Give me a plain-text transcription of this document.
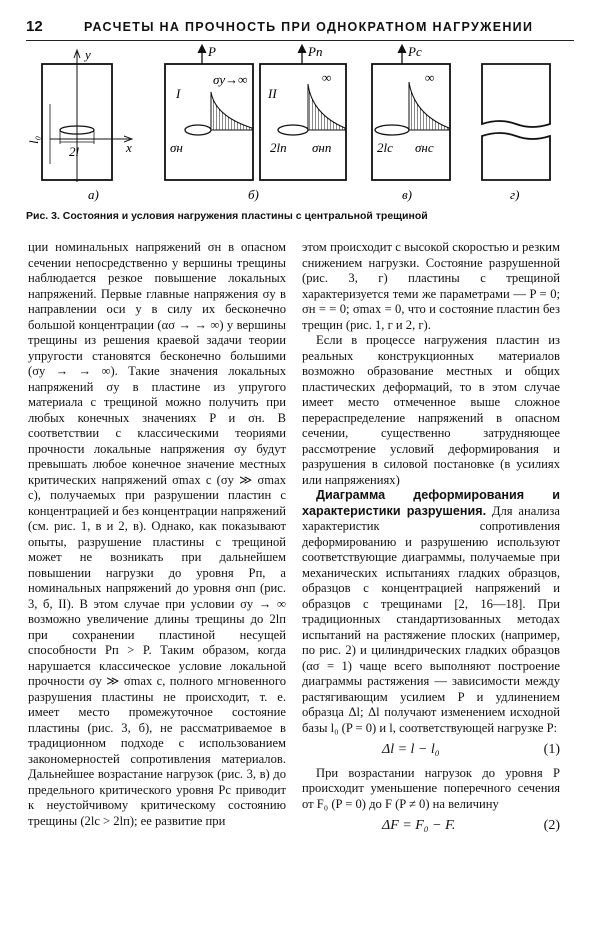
12	РАСЧЕТЫ НА ПРОЧНОСТЬ ПРИ ОДНОКРАТНОМ НАГРУЖЕНИИ
y
x
l₀
2l
а)
P	Pп
I	II
σy→∞	∞
σн	2lп σнп
б)
Pc
∞
2lc σнc
в)	г)
Рис. 3. Состояния и условия нагружения пластины с центральной трещиной

ции номинальных напряжений σн в опасном сечении непосредственно у вершины трещины наблюдается резкое повышение локальных напряжений. Первые главные напряжения σy в направлении оси y в силу их бесконечно большой концентрации (ασ → → ∞) у вершины трещины из решения краевой задачи теории упругости становятся бесконечно большими (σy → → ∞). Такие значения локальных напряжений σy в пластине из упругого материала с трещиной можно получить при любых конечных значениях P и σн. В соответствии с классическими теориями прочности локальные напряжения σy будут превышать любое конечное значение местных критических напряжений σmax c (σy ≫ σmax c), получаемых при разрушении пластин с концентрацией и без концентрации напряжений (см. рис. 1, в и 2, в). Однако, как показывают опыты, разрушение пластины с трещиной может не возникать при дальнейшем повышении нагрузки до уровня Pп, а номинальных напряжений до уровня σнп (рис. 3, б, II). В этом случае при условии σy → ∞ возможно увеличение длины трещины до 2lп при сохранении пластиной несущей способности Pп > P. Таким образом, когда нарушается классическое условие локальной прочности σy ≫ σmax c, полного мгновенного разрушения пластины не происходит, т. е. имеет место промежуточное состояние пластины (рис. 3, б), не рассматриваемое в традиционном подходе с использованием закономерностей сопротивления материалов. Дальнейшее возрастание нагрузок (рис. 3, в) до предельного критического уровня Pc приводит к неустойчивому критическому состоянию трещины (2lc > 2lп); ее развитие при

этом происходит с высокой скоростью и резким снижением нагрузки. Состояние разрушенной (рис. 3, г) пластины с трещиной характеризуется теми же параметрами — P = 0; σн = = 0; σmax = 0, что и состояние пластин без трещин (рис. 1, г и 2, г).

Если в процессе нагружения пластин из реальных конструкционных материалов возможно образование местных и общих пластических деформаций, то в этом случае имеет место отмеченное выше сложное перераспределение напряжений в опасном сечении, существенно затрудняющее рассмотрение условий деформирования и разрушения в силовой постановке (в усилиях или напряжениях)

Диаграмма деформирования и характеристики разрушения. Для анализа характеристик сопротивления деформированию и разрушению используют соответствующие диаграммы, получаемые при механических испытаниях гладких образцов, образцов с концентрацией напряжений и образцов с трещинами [2, 16—18]. При традиционных стандартизованных методах испытаний на растяжение плоских (например, по рис. 2) и цилиндрических гладких образцов (ασ = 1) чаще всего выполняют построение диаграммы растяжения — зависимости между растягивающим усилием P и удлинением образца Δl; Δl получают изменением исходной базы l₀ (P = 0) и l, соответствующей нагрузке P:

Δl = l − l₀	(1)

При возрастании нагрузок до уровня P происходит уменьшение поперечного сечения от F₀ (P = 0) до F (P ≠ 0) на величину

ΔF = F₀ − F.	(2)
